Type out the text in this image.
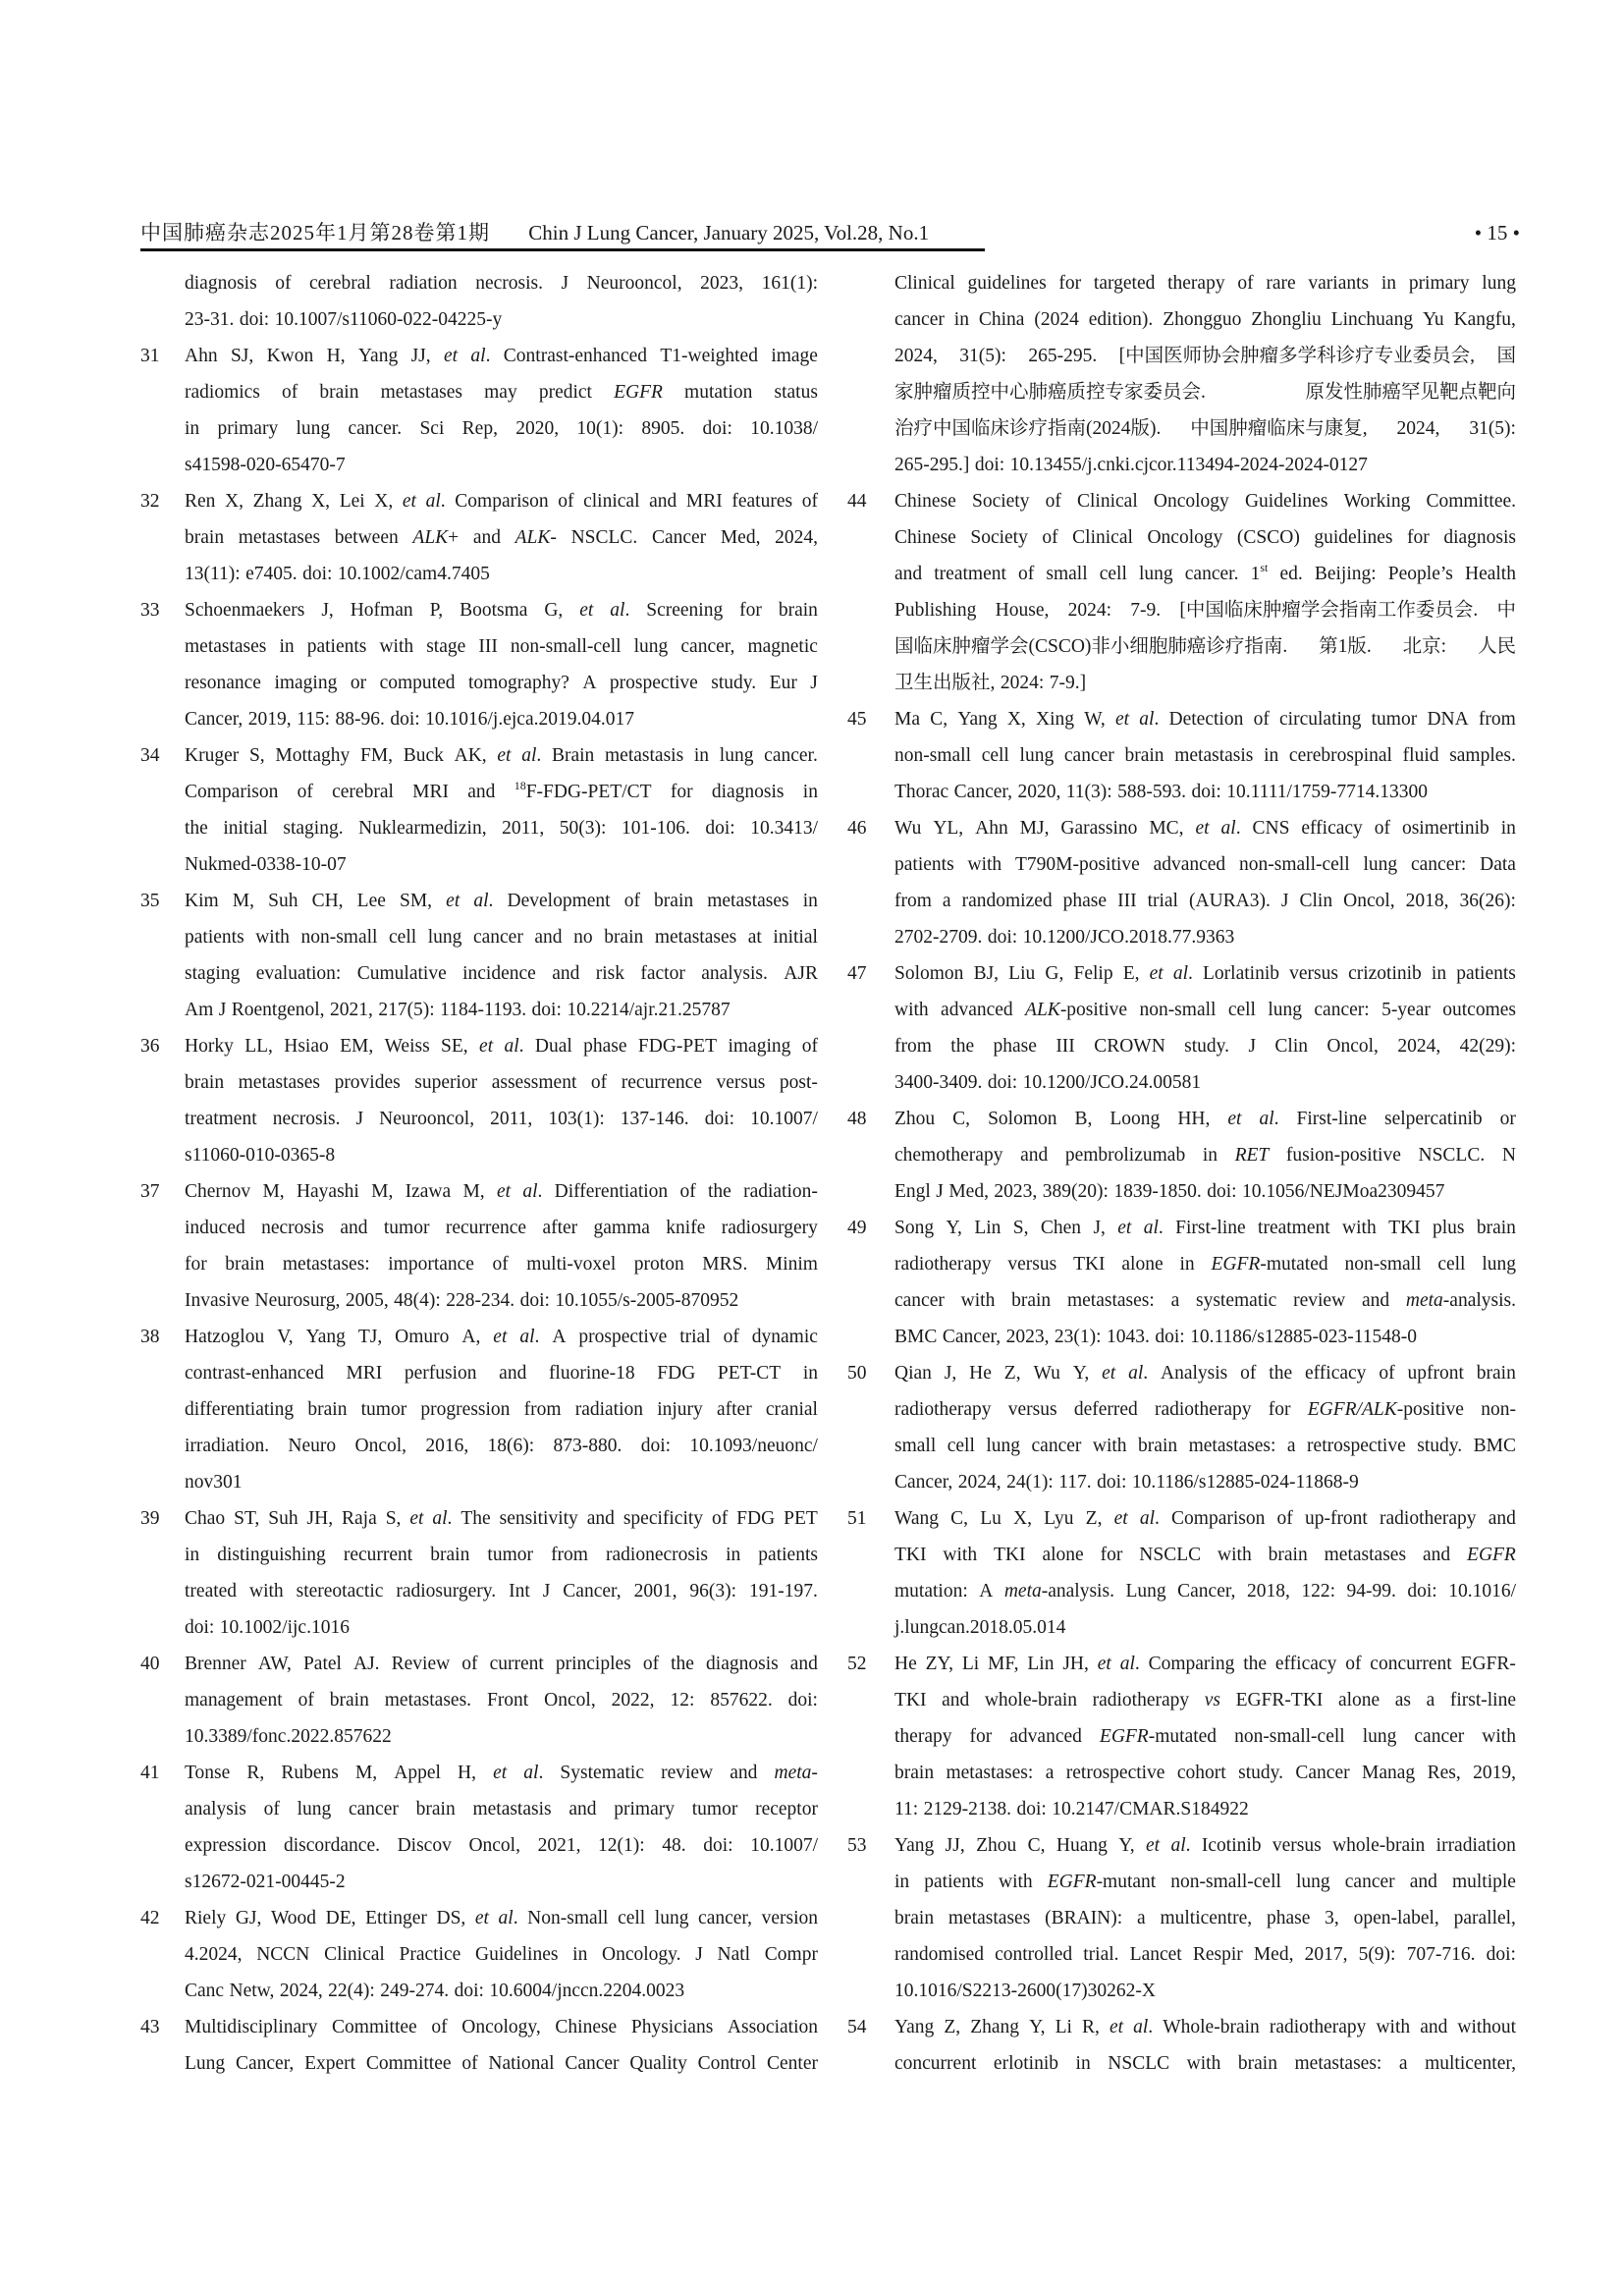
中国肺癌杂志2025年1月第28卷第1期 Chin J Lung Cancer, January 2025, Vol.28, No.1	• 15 •
diagnosis of cerebral radiation necrosis. J Neurooncol, 2023, 161(1):
23-31. doi: 10.1007/s11060-022-04225-y
31 Ahn SJ, Kwon H, Yang JJ, et al. Contrast-enhanced T1-weighted image
radiomics of brain metastases may predict EGFR mutation status
in primary lung cancer. Sci Rep, 2020, 10(1): 8905. doi: 10.1038/
s41598-020-65470-7
32 Ren X, Zhang X, Lei X, et al. Comparison of clinical and MRI features of
brain metastases between ALK+ and ALK- NSCLC. Cancer Med, 2024,
13(11): e7405. doi: 10.1002/cam4.7405
33 Schoenmaekers J, Hofman P, Bootsma G, et al. Screening for brain
metastases in patients with stage III non-small-cell lung cancer, magnetic
resonance imaging or computed tomography? A prospective study. Eur J
Cancer, 2019, 115: 88-96. doi: 10.1016/j.ejca.2019.04.017
34 Kruger S, Mottaghy FM, Buck AK, et al. Brain metastasis in lung cancer.
Comparison of cerebral MRI and $^{18}$F-FDG-PET/CT for diagnosis in
the initial staging. Nuklearmedizin, 2011, 50(3): 101-106. doi: 10.3413/
Nukmed-0338-10-07
35 Kim M, Suh CH, Lee SM, et al. Development of brain metastases in
patients with non-small cell lung cancer and no brain metastases at initial
staging evaluation: Cumulative incidence and risk factor analysis. AJR
Am J Roentgenol, 2021, 217(5): 1184-1193. doi: 10.2214/ajr.21.25787
36 Horky LL, Hsiao EM, Weiss SE, et al. Dual phase FDG-PET imaging of
brain metastases provides superior assessment of recurrence versus post-
treatment necrosis. J Neurooncol, 2011, 103(1): 137-146. doi: 10.1007/
s11060-010-0365-8
37 Chernov M, Hayashi M, Izawa M, et al. Differentiation of the radiation-
induced necrosis and tumor recurrence after gamma knife radiosurgery
for brain metastases: importance of multi-voxel proton MRS. Minim
Invasive Neurosurg, 2005, 48(4): 228-234. doi: 10.1055/s-2005-870952
38 Hatzoglou V, Yang TJ, Omuro A, et al. A prospective trial of dynamic
contrast-enhanced MRI perfusion and fluorine-18 FDG PET-CT in
differentiating brain tumor progression from radiation injury after cranial
irradiation. Neuro Oncol, 2016, 18(6): 873-880. doi: 10.1093/neuonc/
nov301
39 Chao ST, Suh JH, Raja S, et al. The sensitivity and specificity of FDG PET
in distinguishing recurrent brain tumor from radionecrosis in patients
treated with stereotactic radiosurgery. Int J Cancer, 2001, 96(3): 191-197.
doi: 10.1002/ijc.1016
40 Brenner AW, Patel AJ. Review of current principles of the diagnosis and
management of brain metastases. Front Oncol, 2022, 12: 857622. doi:
10.3389/fonc.2022.857622
41 Tonse R, Rubens M, Appel H, et al. Systematic review and meta-
analysis of lung cancer brain metastasis and primary tumor receptor
expression discordance. Discov Oncol, 2021, 12(1): 48. doi: 10.1007/
s12672-021-00445-2
42 Riely GJ, Wood DE, Ettinger DS, et al. Non-small cell lung cancer, version
4.2024, NCCN Clinical Practice Guidelines in Oncology. J Natl Compr
Canc Netw, 2024, 22(4): 249-274. doi: 10.6004/jnccn.2204.0023
43 Multidisciplinary Committee of Oncology, Chinese Physicians Association
Lung Cancer, Expert Committee of National Cancer Quality Control Center
Clinical guidelines for targeted therapy of rare variants in primary lung
cancer in China (2024 edition). Zhongguo Zhongliu Linchuang Yu Kangfu,
2024, 31(5): 265-295. [中国医师协会肿瘤多学科诊疗专业委员会, 国
家肿瘤质控中心肺癌质控专家委员会.	原发性肺癌罕见靶点靶向
治疗中国临床诊疗指南(2024版). 中国肿瘤临床与康复, 2024, 31(5):
265-295.] doi: 10.13455/j.cnki.cjcor.113494-2024-2024-0127
44 Chinese Society of Clinical Oncology Guidelines Working Committee.
Chinese Society of Clinical Oncology (CSCO) guidelines for diagnosis
and treatment of small cell lung cancer. 1st ed. Beijing: People’s Health
Publishing House, 2024: 7-9. [中国临床肿瘤学会指南工作委员会. 中
国临床肿瘤学会(CSCO)非小细胞肺癌诊疗指南. 第1版. 北京: 人民
卫生出版社, 2024: 7-9.]
45 Ma C, Yang X, Xing W, et al. Detection of circulating tumor DNA from
non-small cell lung cancer brain metastasis in cerebrospinal fluid samples.
Thorac Cancer, 2020, 11(3): 588-593. doi: 10.1111/1759-7714.13300
46 Wu YL, Ahn MJ, Garassino MC, et al. CNS efficacy of osimertinib in
patients with T790M-positive advanced non-small-cell lung cancer: Data
from a randomized phase III trial (AURA3). J Clin Oncol, 2018, 36(26):
2702-2709. doi: 10.1200/JCO.2018.77.9363
47 Solomon BJ, Liu G, Felip E, et al. Lorlatinib versus crizotinib in patients
with advanced ALK-positive non-small cell lung cancer: 5-year outcomes
from the phase III CROWN study. J Clin Oncol, 2024, 42(29):
3400-3409. doi: 10.1200/JCO.24.00581
48 Zhou C, Solomon B, Loong HH, et al. First-line selpercatinib or
chemotherapy and pembrolizumab in RET fusion-positive NSCLC. N
Engl J Med, 2023, 389(20): 1839-1850. doi: 10.1056/NEJMoa2309457
49 Song Y, Lin S, Chen J, et al. First-line treatment with TKI plus brain
radiotherapy versus TKI alone in EGFR-mutated non-small cell lung
cancer with brain metastases: a systematic review and meta-analysis.
BMC Cancer, 2023, 23(1): 1043. doi: 10.1186/s12885-023-11548-0
50 Qian J, He Z, Wu Y, et al. Analysis of the efficacy of upfront brain
radiotherapy versus deferred radiotherapy for EGFR/ALK-positive non-
small cell lung cancer with brain metastases: a retrospective study. BMC
Cancer, 2024, 24(1): 117. doi: 10.1186/s12885-024-11868-9
51 Wang C, Lu X, Lyu Z, et al. Comparison of up-front radiotherapy and
TKI with TKI alone for NSCLC with brain metastases and EGFR
mutation: A meta-analysis. Lung Cancer, 2018, 122: 94-99. doi: 10.1016/
j.lungcan.2018.05.014
52 He ZY, Li MF, Lin JH, et al. Comparing the efficacy of concurrent EGFR-
TKI and whole-brain radiotherapy vs EGFR-TKI alone as a first-line
therapy for advanced EGFR-mutated non-small-cell lung cancer with
brain metastases: a retrospective cohort study. Cancer Manag Res, 2019,
11: 2129-2138. doi: 10.2147/CMAR.S184922
53 Yang JJ, Zhou C, Huang Y, et al. Icotinib versus whole-brain irradiation
in patients with EGFR-mutant non-small-cell lung cancer and multiple
brain metastases (BRAIN): a multicentre, phase 3, open-label, parallel,
randomised controlled trial. Lancet Respir Med, 2017, 5(9): 707-716. doi:
10.1016/S2213-2600(17)30262-X
54 Yang Z, Zhang Y, Li R, et al. Whole-brain radiotherapy with and without
concurrent erlotinib in NSCLC with brain metastases: a multicenter,
